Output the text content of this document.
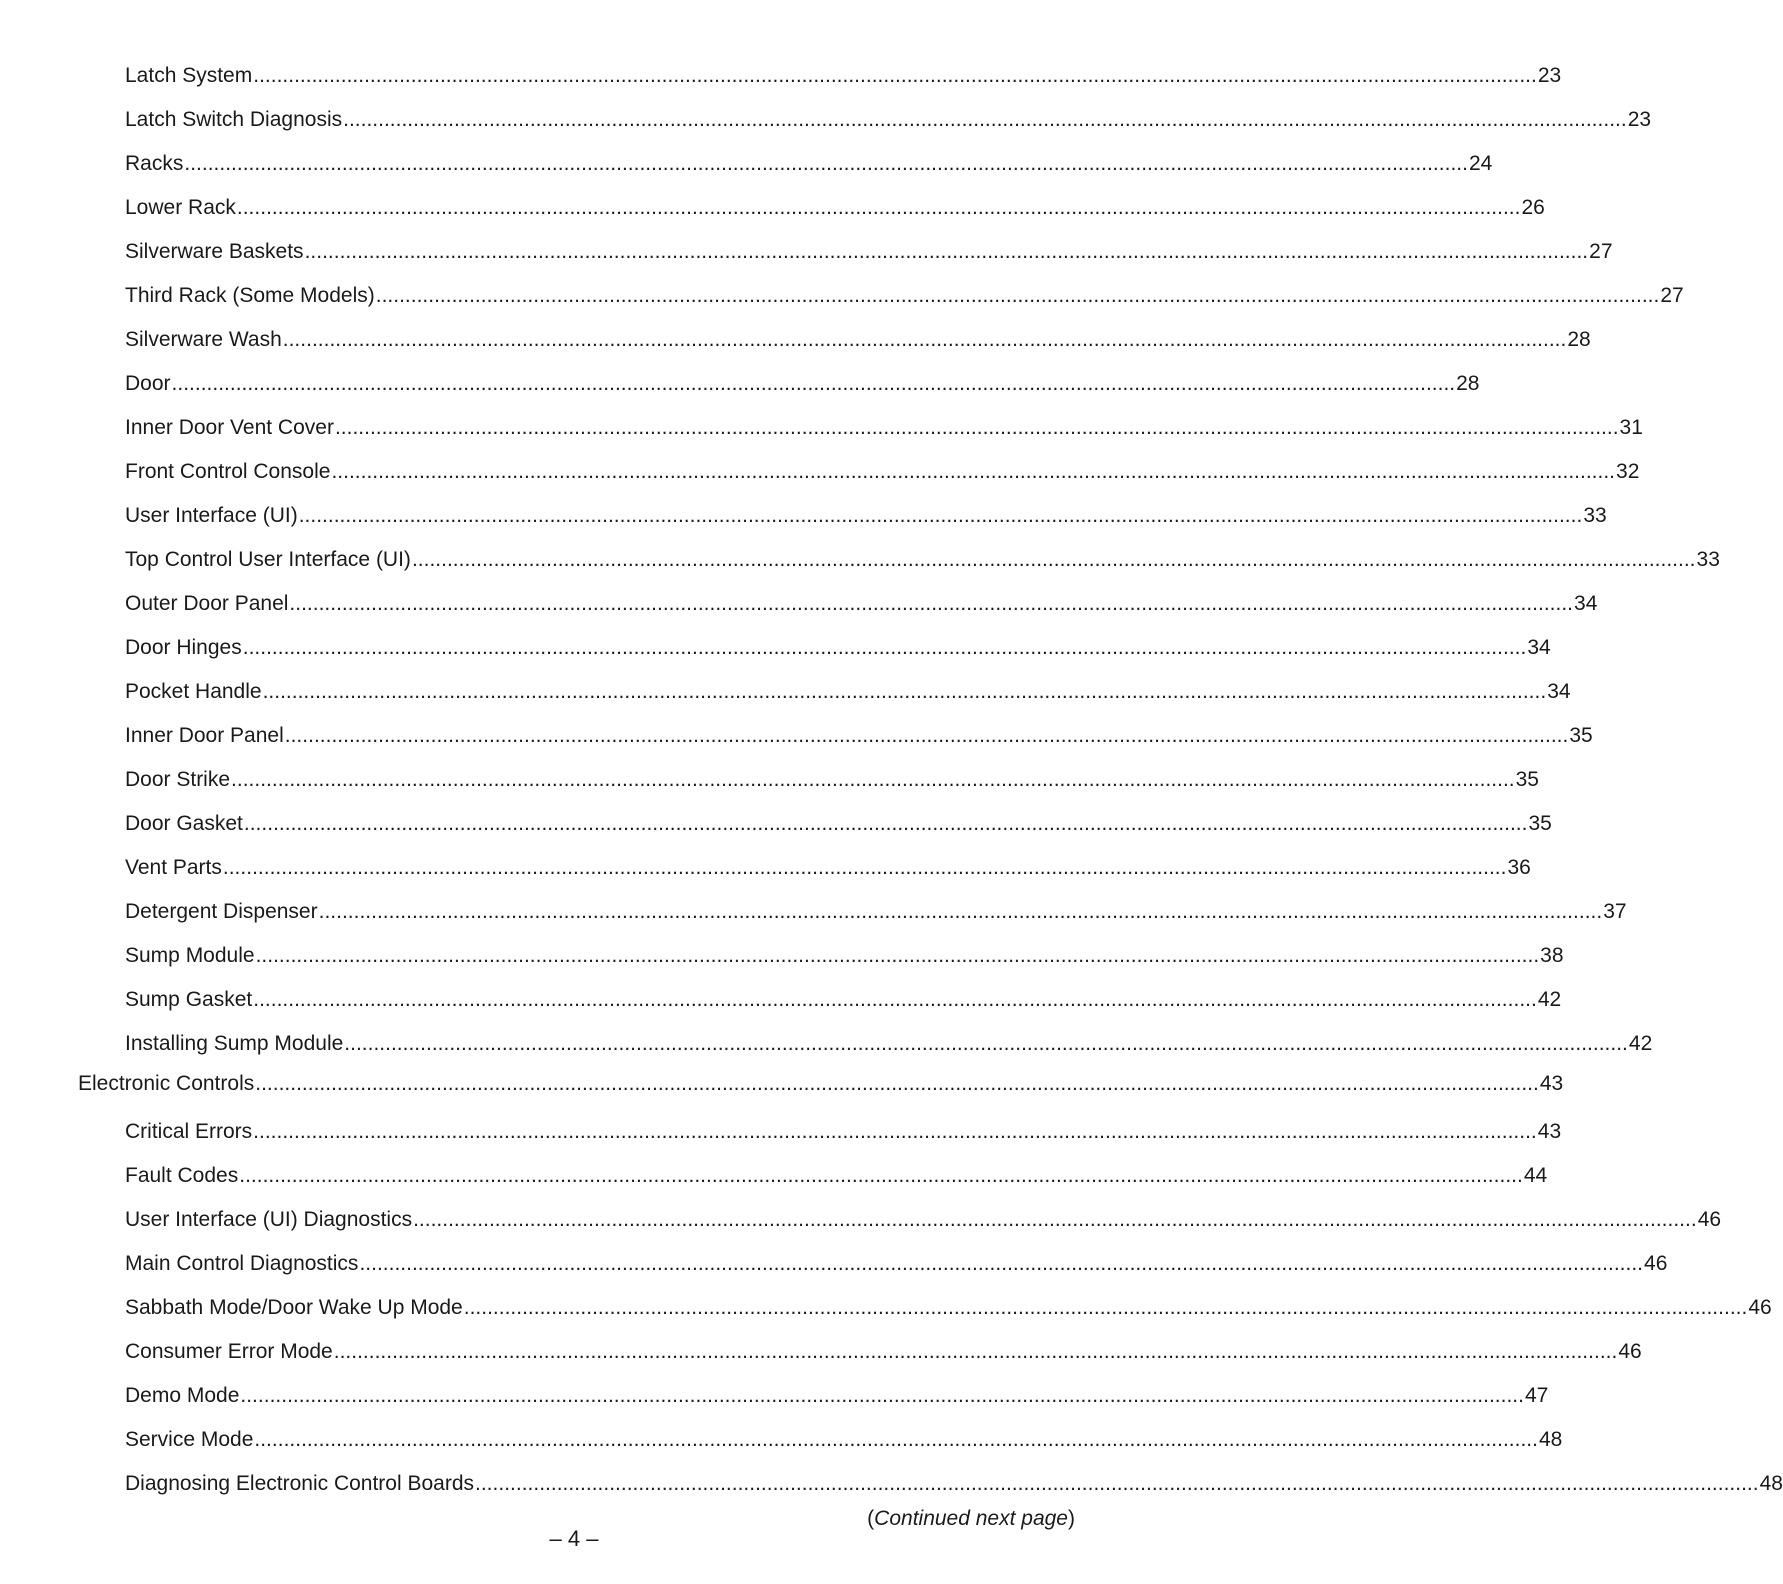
Latch System ............................................................................................................................................................................................................................ 23
Latch Switch Diagnosis ............................................................................................................................................................................................................................ 23
Racks ............................................................................................................................................................................................................................ 24
Lower Rack ............................................................................................................................................................................................................................ 26
Silverware Baskets ............................................................................................................................................................................................................................ 27
Third Rack (Some Models) ............................................................................................................................................................................................................................ 27
Silverware Wash ............................................................................................................................................................................................................................ 28
Door ............................................................................................................................................................................................................................ 28
Inner Door Vent Cover ............................................................................................................................................................................................................................ 31
Front Control Console ............................................................................................................................................................................................................................ 32
User Interface (UI) ............................................................................................................................................................................................................................ 33
Top Control User Interface (UI) ............................................................................................................................................................................................................................ 33
Outer Door Panel ............................................................................................................................................................................................................................ 34
Door Hinges ............................................................................................................................................................................................................................ 34
Pocket Handle ............................................................................................................................................................................................................................ 34
Inner Door Panel ............................................................................................................................................................................................................................ 35
Door Strike ............................................................................................................................................................................................................................ 35
Door Gasket ............................................................................................................................................................................................................................ 35
Vent Parts ............................................................................................................................................................................................................................ 36
Detergent Dispenser ............................................................................................................................................................................................................................ 37
Sump Module ............................................................................................................................................................................................................................ 38
Sump Gasket ............................................................................................................................................................................................................................ 42
Installing Sump Module ............................................................................................................................................................................................................................ 42
Electronic Controls ............................................................................................................................................................................................................................ 43
Critical Errors ............................................................................................................................................................................................................................ 43
Fault Codes ............................................................................................................................................................................................................................ 44
User Interface (UI) Diagnostics ............................................................................................................................................................................................................................ 46
Main Control Diagnostics ............................................................................................................................................................................................................................ 46
Sabbath Mode/Door Wake Up Mode ............................................................................................................................................................................................................................ 46
Consumer Error Mode ............................................................................................................................................................................................................................ 46
Demo Mode ............................................................................................................................................................................................................................ 47
Service Mode ............................................................................................................................................................................................................................ 48
Diagnosing Electronic Control Boards ............................................................................................................................................................................................................................ 48
(Continued next page)
– 4 –
